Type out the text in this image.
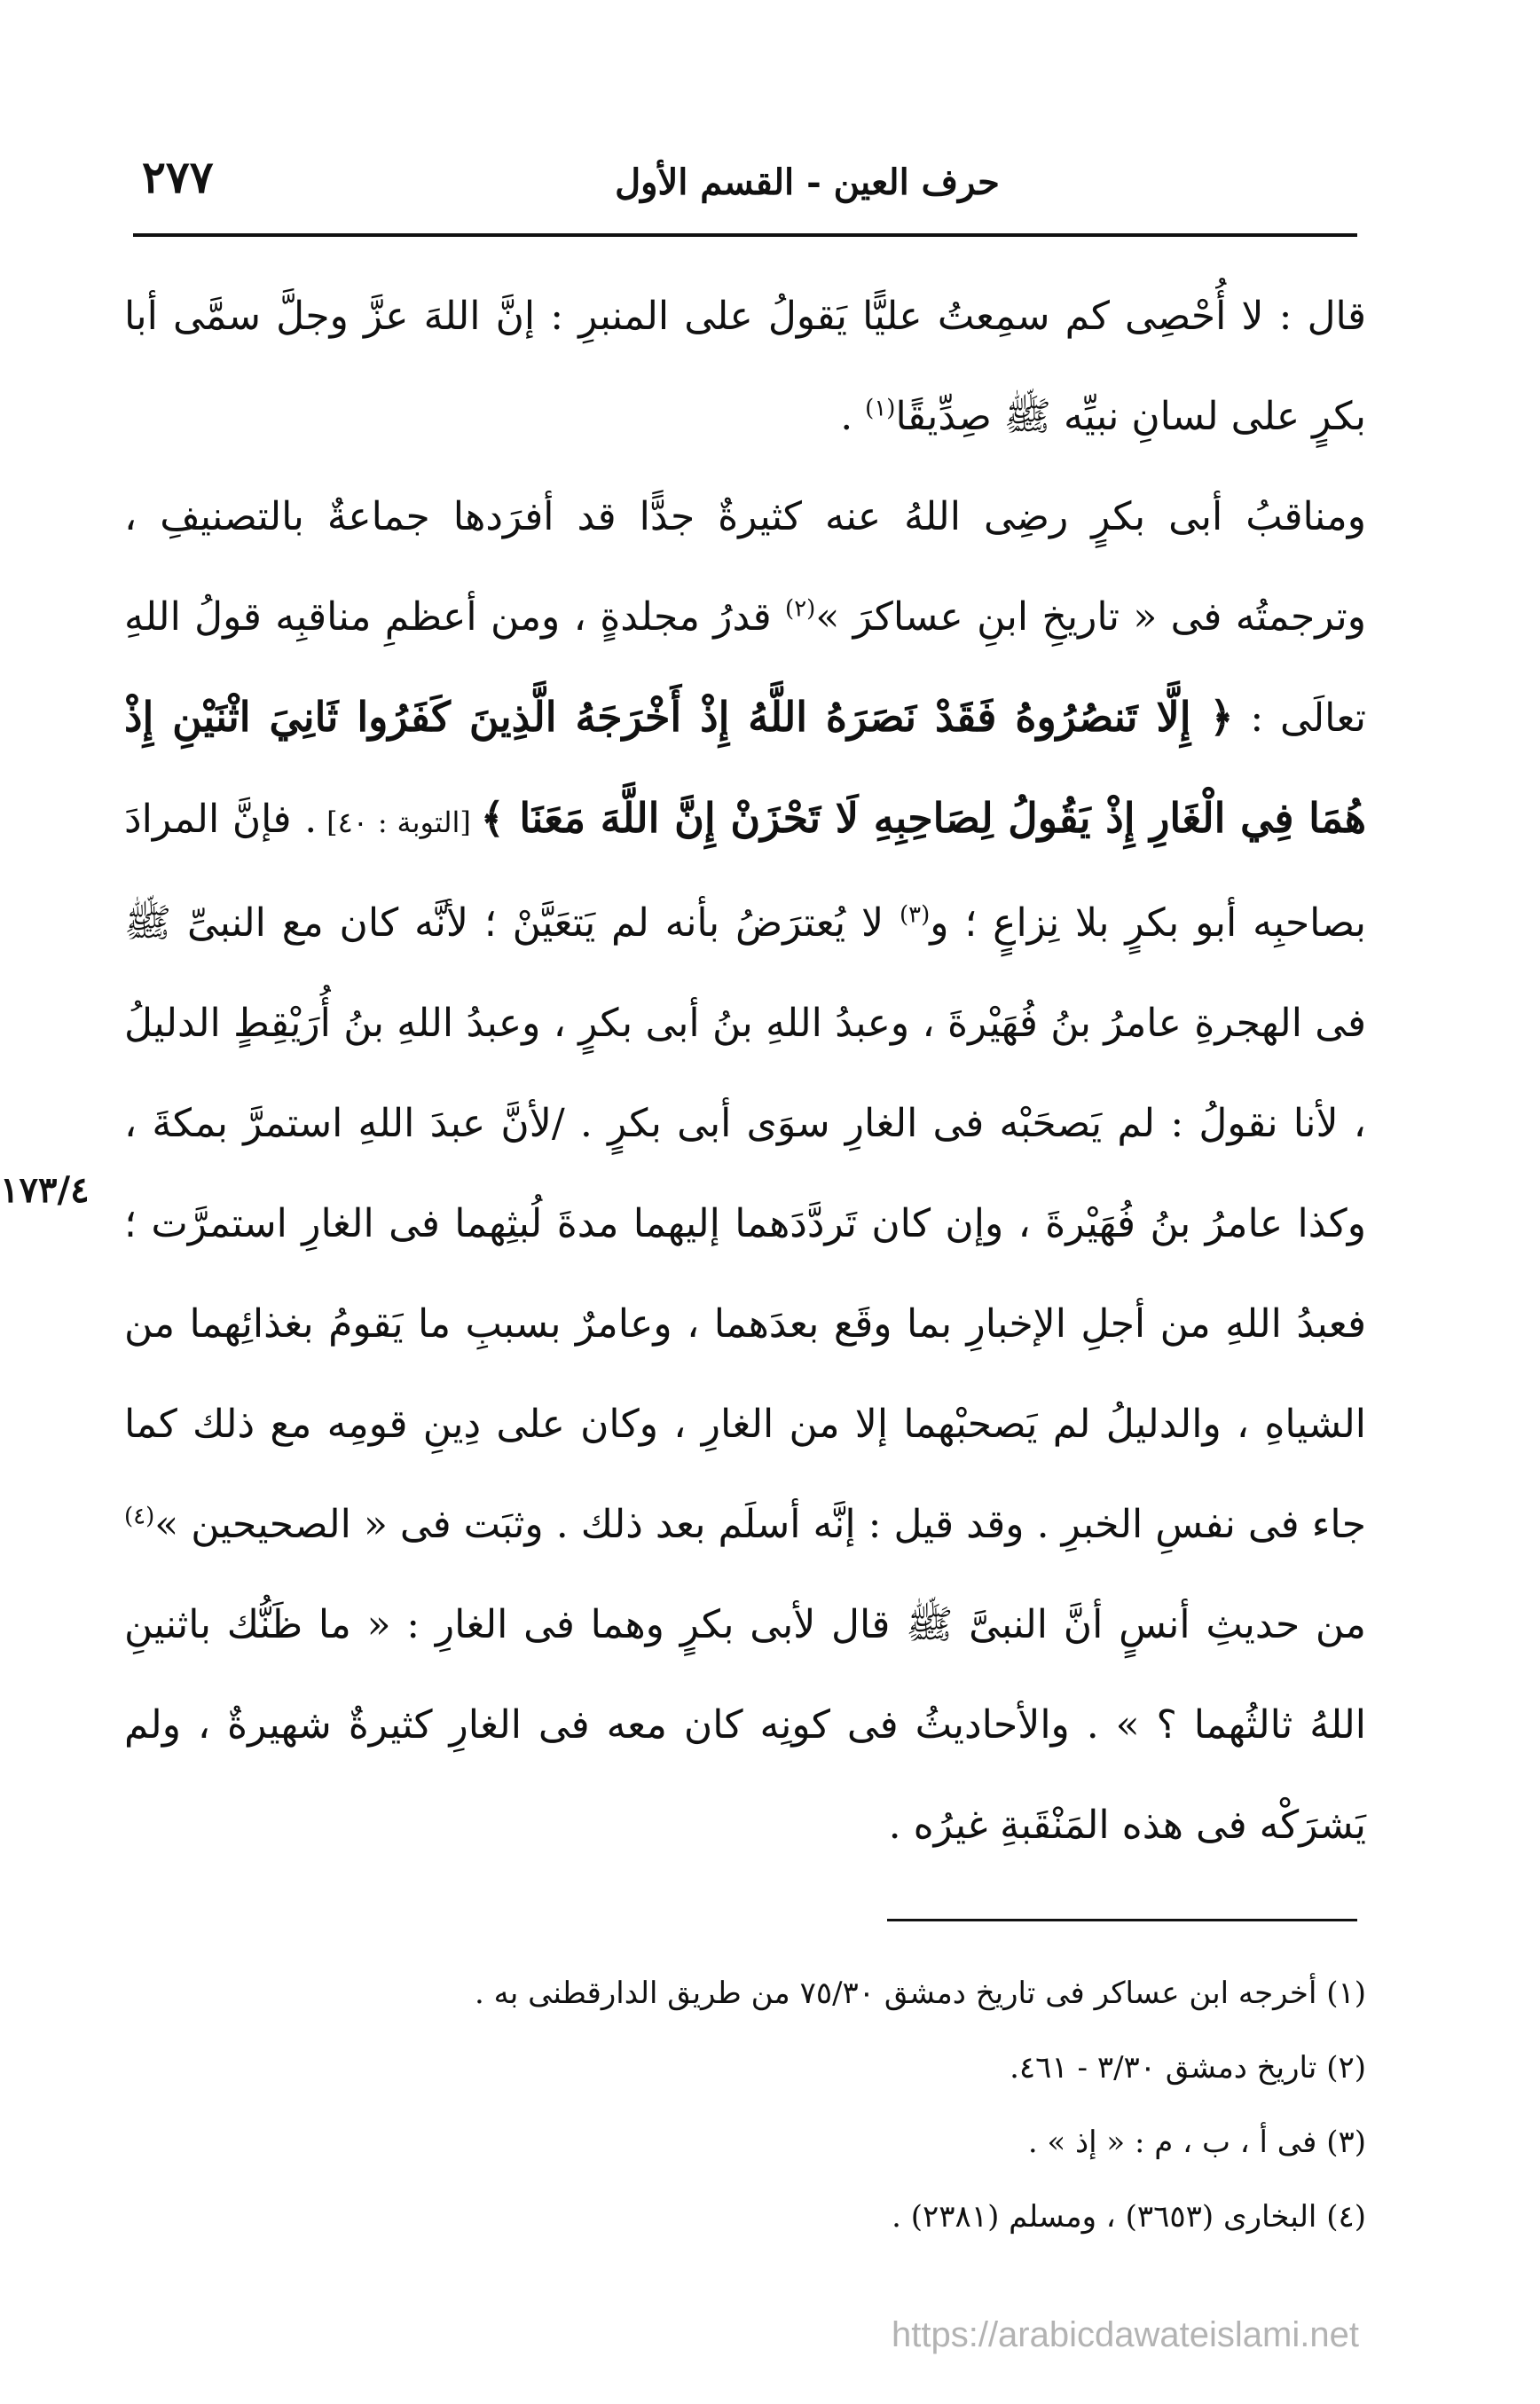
٢٧٧	حرف العين - القسم الأول

قال : لا أُحْصِى كم سمِعتُ عليًّا يَقولُ على المنبرِ : إنَّ اللهَ عزَّ وجلَّ سمَّى أبا بكرٍ على لسانِ نبيِّه ﷺ صِدِّيقًا$^{(١)}$ .

ومناقبُ أبى بكرٍ رضِى اللهُ عنه كثيرةٌ جدًّا قد أفرَدها جماعةٌ بالتصنيفِ ، وترجمتُه فى « تاريخِ ابنِ عساكرَ »$^{(٢)}$ قدرُ مجلدةٍ ، ومن أعظمِ مناقبِه قولُ اللهِ تعالَى : ﴿ إِلَّا تَنصُرُوهُ فَقَدْ نَصَرَهُ اللَّهُ إِذْ أَخْرَجَهُ الَّذِينَ كَفَرُوا ثَانِيَ اثْنَيْنِ إِذْ هُمَا فِي الْغَارِ إِذْ يَقُولُ لِصَاحِبِهِ لَا تَحْزَنْ إِنَّ اللَّهَ مَعَنَا ﴾ [التوبة : ٤٠] . فإنَّ المرادَ بصاحبِه أبو بكرٍ بلا نِزاعٍ ؛ و$^{(٣)}$ لا يُعترَضُ بأنه لم يَتعَيَّنْ ؛ لأنَّه كان مع النبىِّ ﷺ فى الهجرةِ عامرُ بنُ فُهَيْرةَ ، وعبدُ اللهِ بنُ أبى بكرٍ ، وعبدُ اللهِ بنُ أُرَيْقِطٍ الدليلُ ، لأنا نقولُ : لم يَصحَبْه فى الغارِ سوَى أبى بكرٍ . /لأنَّ عبدَ اللهِ استمرَّ بمكةَ ، وكذا عامرُ بنُ فُهَيْرةَ ، وإن كان تَردَّدَهما إليهما مدةَ لُبثِهما فى الغارِ استمرَّت ؛ فعبدُ اللهِ من أجلِ الإخبارِ بما وقَع بعدَهما ، وعامرٌ بسببِ ما يَقومُ بغذائِهما من الشياهِ ، والدليلُ لم يَصحبْهما إلا من الغارِ ، وكان على دِينِ قومِه مع ذلك كما جاء فى نفسِ الخبرِ . وقد قيل : إنَّه أسلَم بعد ذلك . وثبَت فى « الصحيحين »$^{(٤)}$ من حديثِ أنسٍ أنَّ النبىَّ ﷺ قال لأبى بكرٍ وهما فى الغارِ : « ما ظَنُّك باثنينِ اللهُ ثالثُهما ؟ » . والأحاديثُ فى كونِه كان معه فى الغارِ كثيرةٌ شهيرةٌ ، ولم يَشرَكْه فى هذه المَنْقَبةِ غيرُه .

١٧٣/٤
(١) أخرجه ابن عساكر فى تاريخ دمشق ٧٥/٣٠ من طريق الدارقطنى به .
(٢) تاريخ دمشق ٣/٣٠ - ٤٦١.
(٣) فى أ ، ب ، م : « إذ » .
(٤) البخارى (٣٦٥٣) ، ومسلم (٢٣٨١) .
https://arabicdawateislami.net
